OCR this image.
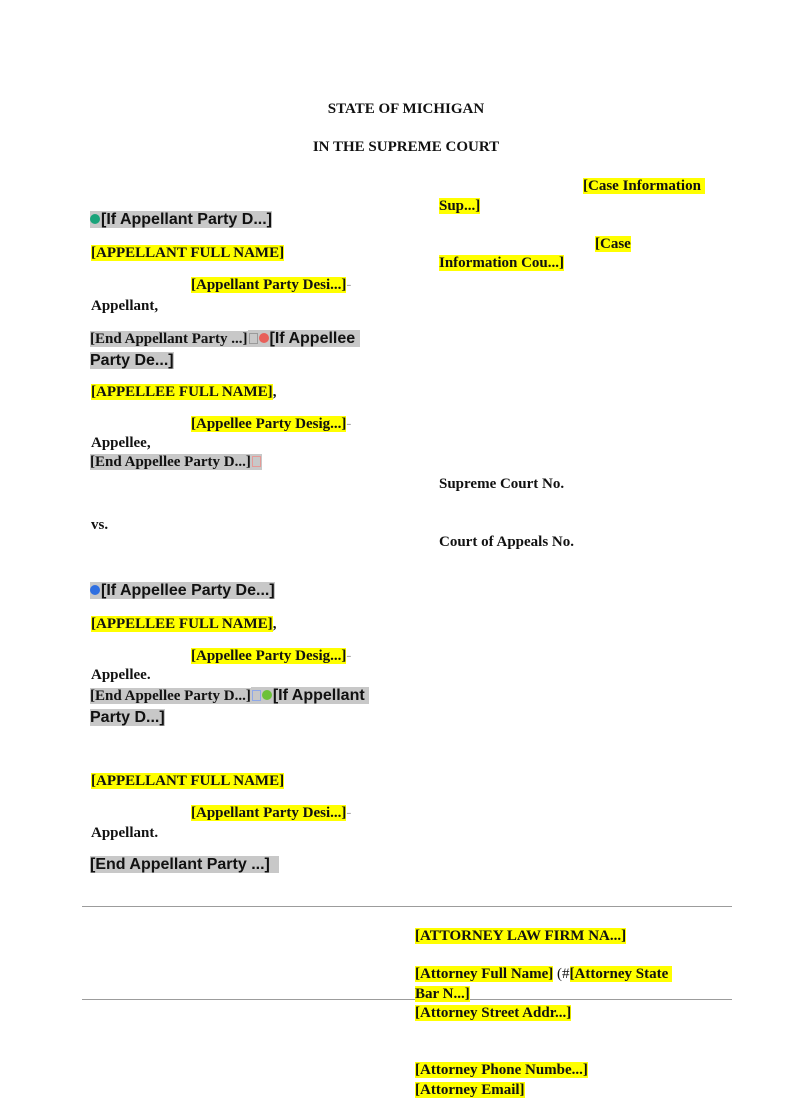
STATE OF MICHIGAN
IN THE SUPREME COURT
[Case Information
Sup...]
[Case
Information Cou...]
Supreme Court No.
Court of Appeals No.
[If Appellant Party D...]
[APPELLANT FULL NAME]
[Appellant Party Desi...]-
Appellant,
[End Appellant Party ...] [If Appellee
Party De...]
[APPELLEE FULL NAME],
[Appellee Party Desig...]-
Appellee,
[End Appellee Party D...]
vs.
[If Appellee Party De...]
[APPELLEE FULL NAME],
[Appellee Party Desig...]-
Appellee.
[End Appellee Party D...] [If Appellant
Party D...]
[APPELLANT FULL NAME]
[Appellant Party Desi...]-
Appellant.
[End Appellant Party ...]
[ATTORNEY LAW FIRM NA...]
[Attorney Full Name] (#[Attorney State
Bar N...]
[Attorney Street Addr...]
[Attorney Phone Numbe...]
[Attorney Email]
